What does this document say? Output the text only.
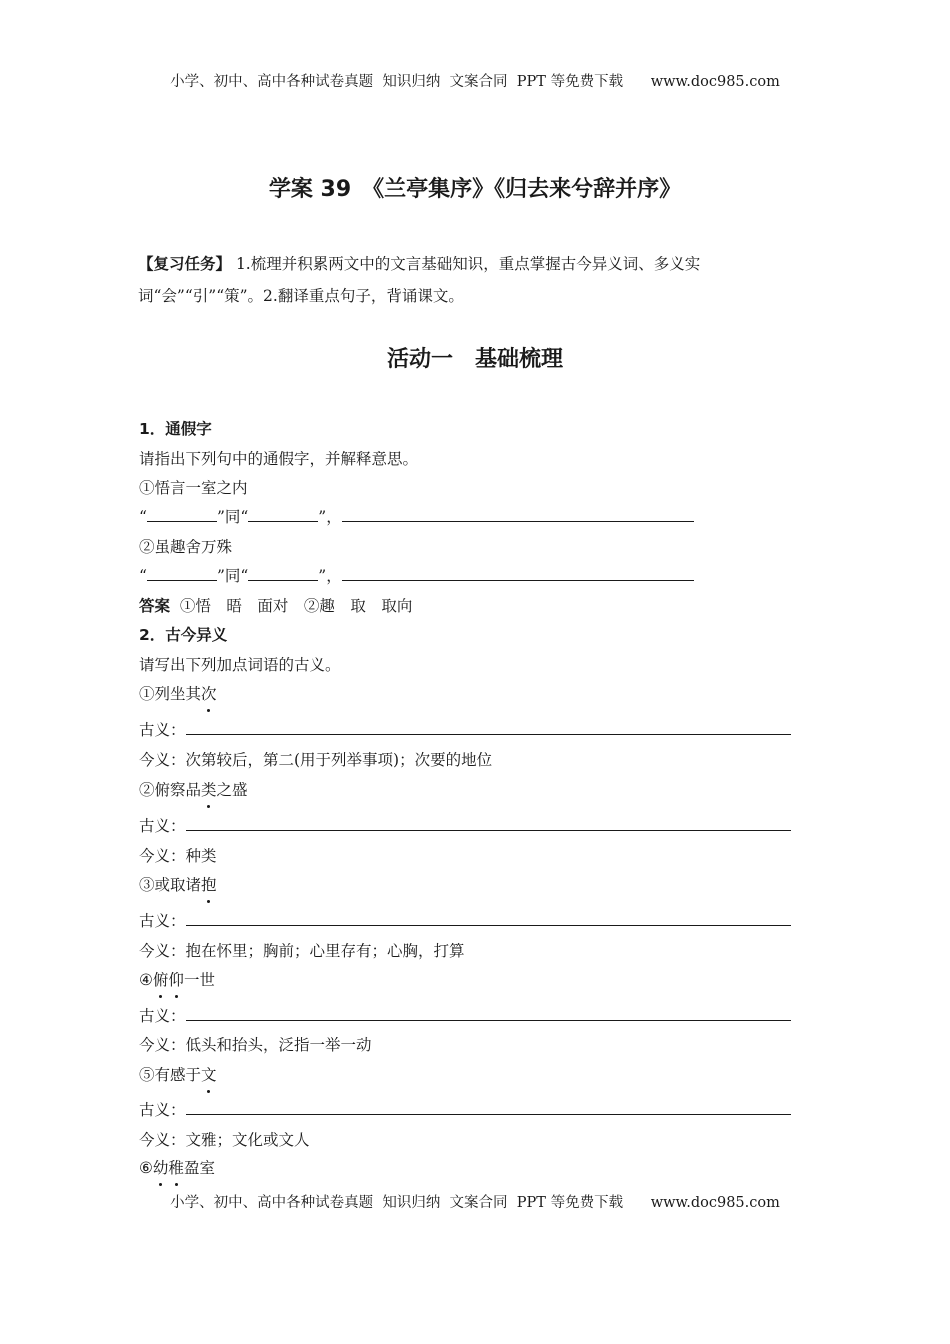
小学、初中、高中各种试卷真题  知识归纳  文案合同  PPT 等免费下载      www.doc985.com
学案 39　《兰亭集序》《归去来兮辞并序》
【复习任务】 1.梳理并积累两文中的文言基础知识，重点掌握古今异义词、多义实词“会”“引”“策”。2.翻译重点句子，背诵课文。
活动一　基础梳理
1．通假字
请指出下列句中的通假字，并解释意思。
①悟言一室之内
“	”同“	”，
②虽趣舍万殊
“	”同“	”，
答案  ①悟　晤　面对　②趣　取　取向
2．古今异义
请写出下列加点词语的古义。
①列坐其次
古义：
今义：次第较后，第二(用于列举事项)；次要的地位
②俯察品类之盛
古义：
今义：种类
③或取诸抱
古义：
今义：抱在怀里；胸前；心里存有；心胸，打算
④俯仰一世
古义：
今义：低头和抬头，泛指一举一动
⑤有感于文
古义：
今义：文雅；文化或文人
⑥幼稚盈室
小学、初中、高中各种试卷真题  知识归纳  文案合同  PPT 等免费下载      www.doc985.com
